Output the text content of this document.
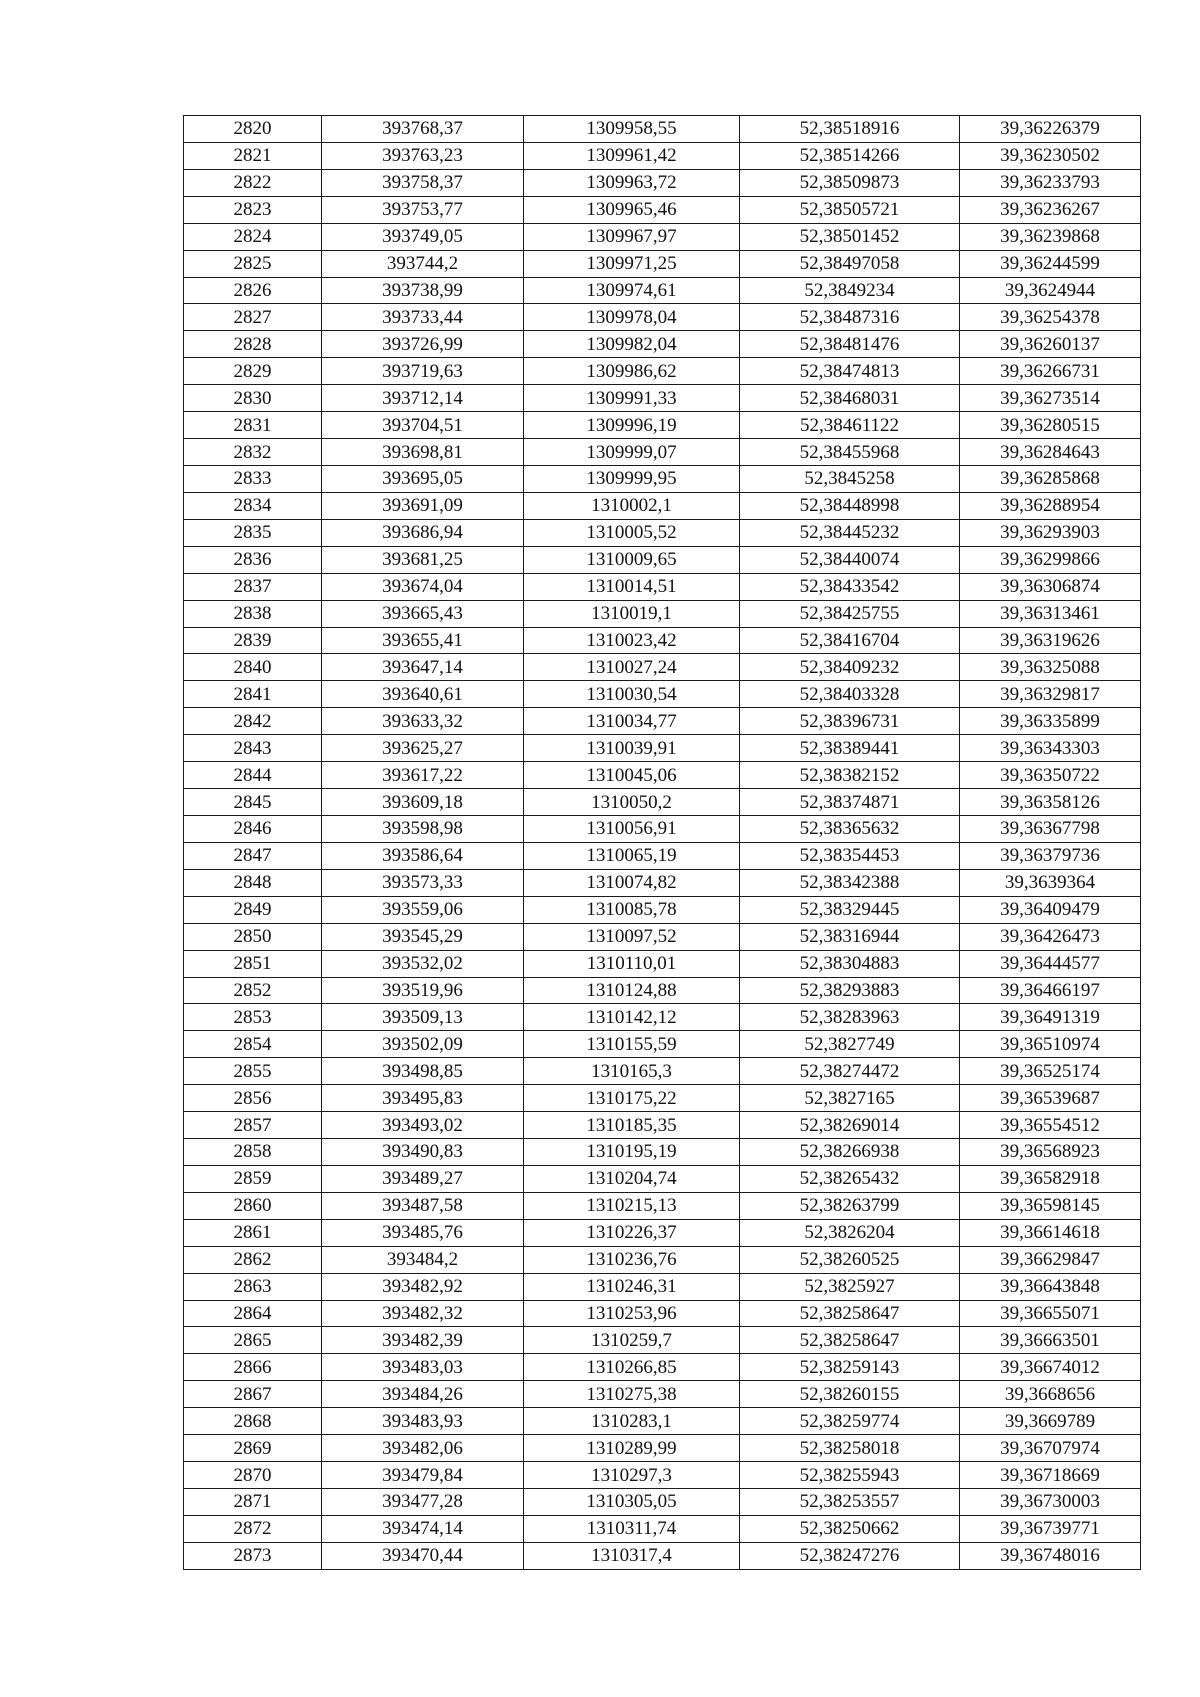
2820	393768,37	1309958,55	52,38518916	39,36226379
2821	393763,23	1309961,42	52,38514266	39,36230502
2822	393758,37	1309963,72	52,38509873	39,36233793
2823	393753,77	1309965,46	52,38505721	39,36236267
2824	393749,05	1309967,97	52,38501452	39,36239868
2825	393744,2	1309971,25	52,38497058	39,36244599
2826	393738,99	1309974,61	52,3849234	39,3624944
2827	393733,44	1309978,04	52,38487316	39,36254378
2828	393726,99	1309982,04	52,38481476	39,36260137
2829	393719,63	1309986,62	52,38474813	39,36266731
2830	393712,14	1309991,33	52,38468031	39,36273514
2831	393704,51	1309996,19	52,38461122	39,36280515
2832	393698,81	1309999,07	52,38455968	39,36284643
2833	393695,05	1309999,95	52,3845258	39,36285868
2834	393691,09	1310002,1	52,38448998	39,36288954
2835	393686,94	1310005,52	52,38445232	39,36293903
2836	393681,25	1310009,65	52,38440074	39,36299866
2837	393674,04	1310014,51	52,38433542	39,36306874
2838	393665,43	1310019,1	52,38425755	39,36313461
2839	393655,41	1310023,42	52,38416704	39,36319626
2840	393647,14	1310027,24	52,38409232	39,36325088
2841	393640,61	1310030,54	52,38403328	39,36329817
2842	393633,32	1310034,77	52,38396731	39,36335899
2843	393625,27	1310039,91	52,38389441	39,36343303
2844	393617,22	1310045,06	52,38382152	39,36350722
2845	393609,18	1310050,2	52,38374871	39,36358126
2846	393598,98	1310056,91	52,38365632	39,36367798
2847	393586,64	1310065,19	52,38354453	39,36379736
2848	393573,33	1310074,82	52,38342388	39,3639364
2849	393559,06	1310085,78	52,38329445	39,36409479
2850	393545,29	1310097,52	52,38316944	39,36426473
2851	393532,02	1310110,01	52,38304883	39,36444577
2852	393519,96	1310124,88	52,38293883	39,36466197
2853	393509,13	1310142,12	52,38283963	39,36491319
2854	393502,09	1310155,59	52,3827749	39,36510974
2855	393498,85	1310165,3	52,38274472	39,36525174
2856	393495,83	1310175,22	52,3827165	39,36539687
2857	393493,02	1310185,35	52,38269014	39,36554512
2858	393490,83	1310195,19	52,38266938	39,36568923
2859	393489,27	1310204,74	52,38265432	39,36582918
2860	393487,58	1310215,13	52,38263799	39,36598145
2861	393485,76	1310226,37	52,3826204	39,36614618
2862	393484,2	1310236,76	52,38260525	39,36629847
2863	393482,92	1310246,31	52,3825927	39,36643848
2864	393482,32	1310253,96	52,38258647	39,36655071
2865	393482,39	1310259,7	52,38258647	39,36663501
2866	393483,03	1310266,85	52,38259143	39,36674012
2867	393484,26	1310275,38	52,38260155	39,3668656
2868	393483,93	1310283,1	52,38259774	39,3669789
2869	393482,06	1310289,99	52,38258018	39,36707974
2870	393479,84	1310297,3	52,38255943	39,36718669
2871	393477,28	1310305,05	52,38253557	39,36730003
2872	393474,14	1310311,74	52,38250662	39,36739771
2873	393470,44	1310317,4	52,38247276	39,36748016
